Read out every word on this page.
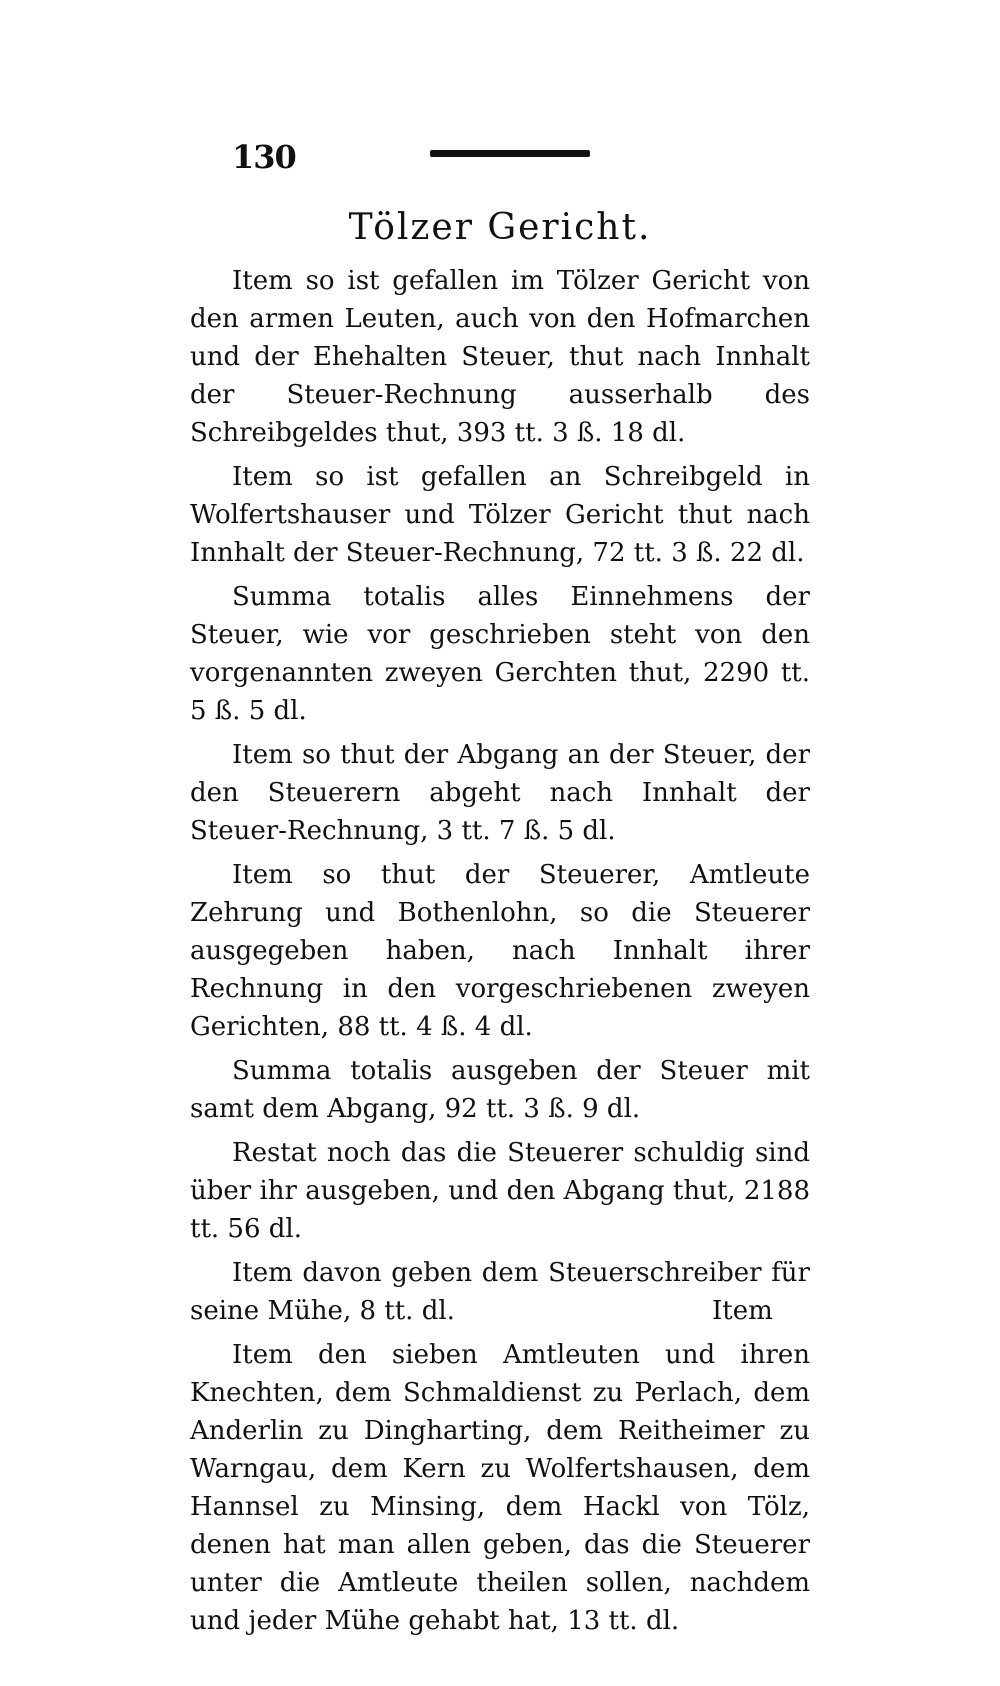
130
Tölzer Gericht.

Item so ist gefallen im Tölzer Gericht von den armen Leuten, auch von den Hofmarchen und der Ehehalten Steuer, thut nach Innhalt der Steuer-Rechnung ausserhalb des Schreibgeldes thut, 393 tt. 3 ß. 18 dl.

Item so ist gefallen an Schreibgeld in Wolfertshauser und Tölzer Gericht thut nach Innhalt der Steuer-Rechnung, 72 tt. 3 ß. 22 dl.

Summa totalis alles Einnehmens der Steuer, wie vor geschrieben steht von den vorgenannten zweyen Gerchten thut, 2290 tt. 5 ß. 5 dl.

Item so thut der Abgang an der Steuer, der den Steuerern abgeht nach Innhalt der Steuer-Rechnung, 3 tt. 7 ß. 5 dl.

Item so thut der Steuerer, Amtleute Zehrung und Bothenlohn, so die Steuerer ausgegeben haben, nach Innhalt ihrer Rechnung in den vorgeschriebenen zweyen Gerichten, 88 tt. 4 ß. 4 dl.

Summa totalis ausgeben der Steuer mit samt dem Abgang, 92 tt. 3 ß. 9 dl.

Restat noch das die Steuerer schuldig sind über ihr ausgeben, und den Abgang thut, 2188 tt. 56 dl.

Item davon geben dem Steuerschreiber für seine Mühe, 8 tt. dl.

Item den sieben Amtleuten und ihren Knechten, dem Schmaldienst zu Perlach, dem Anderlin zu Dingharting, dem Reitheimer zu Warngau, dem Kern zu Wolfertshausen, dem Hannsel zu Minsing, dem Hackl von Tölz, denen hat man allen geben, das die Steuerer unter die Amtleute theilen sollen, nachdem und jeder Mühe gehabt hat, 13 tt. dl.

Item
